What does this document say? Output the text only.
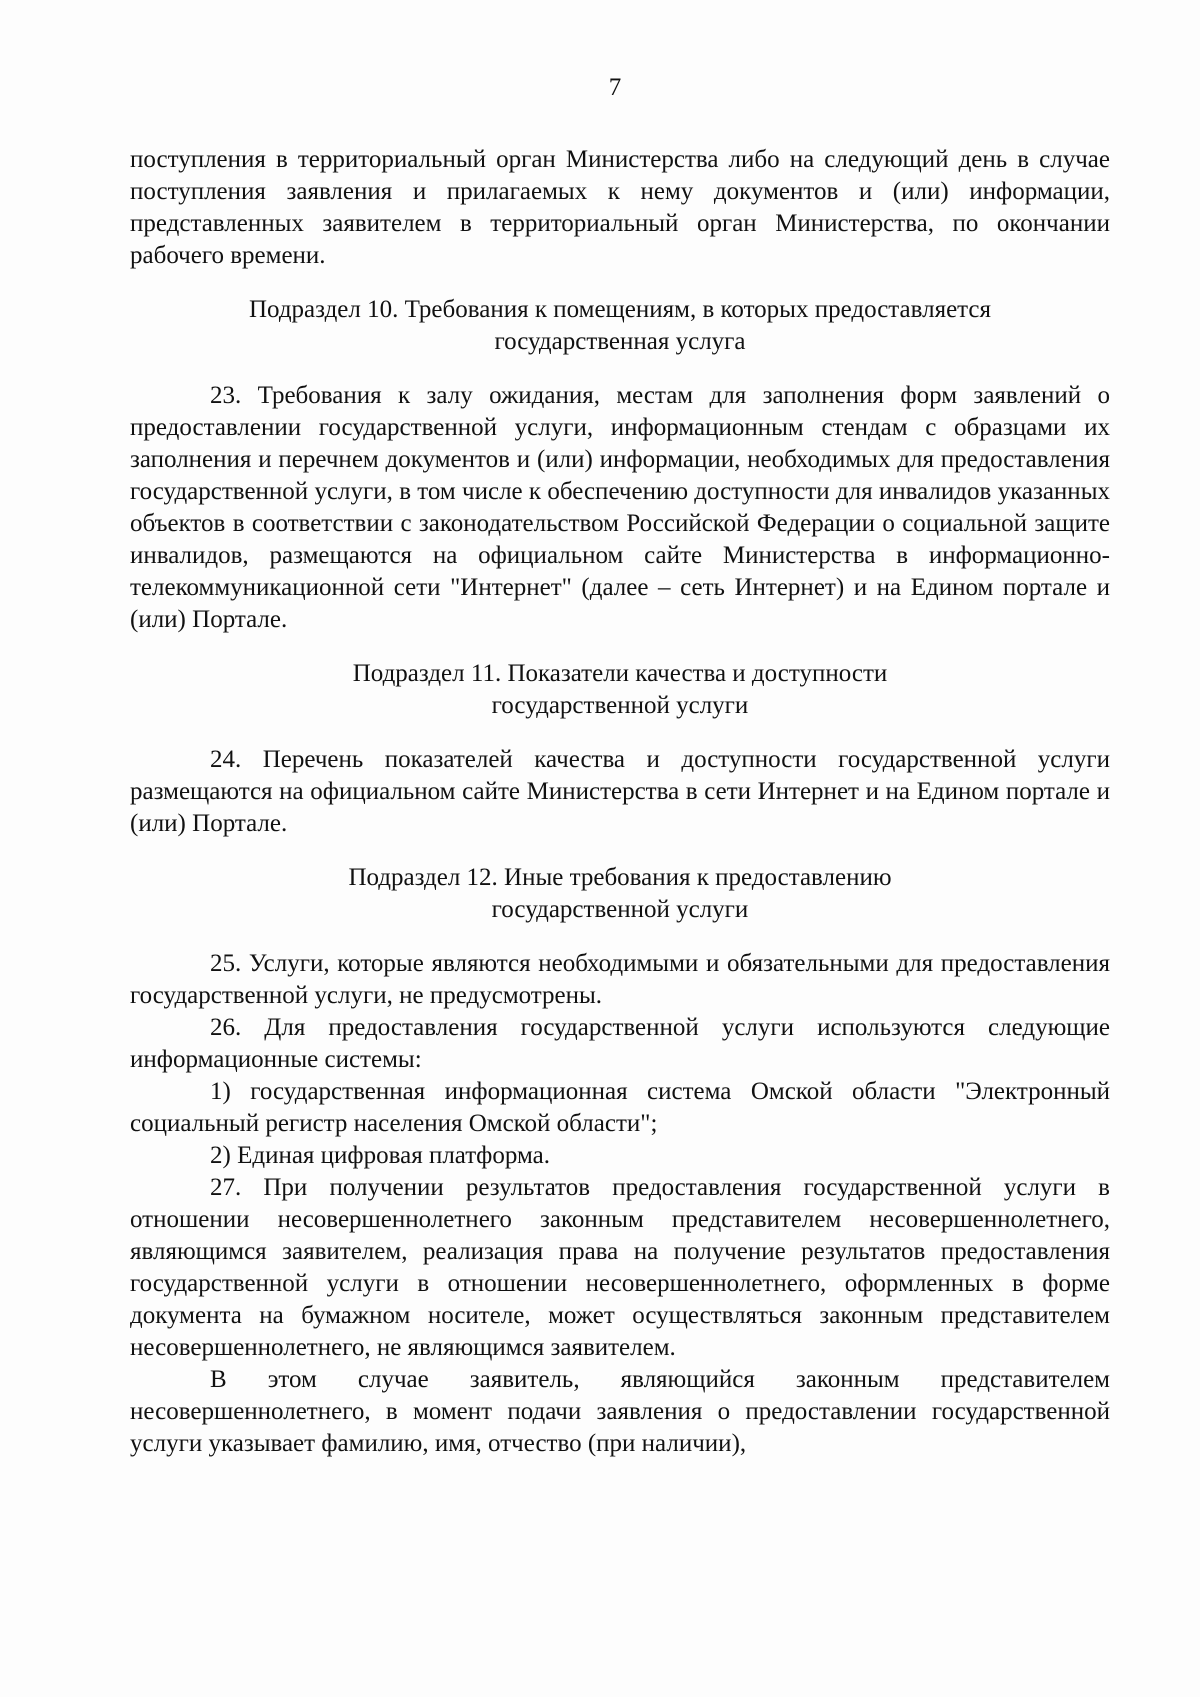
7

поступления в территориальный орган Министерства либо на следующий день в случае поступления заявления и прилагаемых к нему документов и (или) информации, представленных заявителем в территориальный орган Министерства, по окончании рабочего времени.

Подраздел 10. Требования к помещениям, в которых предоставляется
государственная услуга

23. Требования к залу ожидания, местам для заполнения форм заявлений о предоставлении государственной услуги, информационным стендам с образцами их заполнения и перечнем документов и (или) информации, необходимых для предоставления государственной услуги, в том числе к обеспечению доступности для инвалидов указанных объектов в соответствии с законодательством Российской Федерации о социальной защите инвалидов, размещаются на официальном сайте Министерства в информационно-телекоммуникационной сети "Интернет" (далее – сеть Интернет) и на Едином портале и (или) Портале.

Подраздел 11. Показатели качества и доступности
государственной услуги

24. Перечень показателей качества и доступности государственной услуги размещаются на официальном сайте Министерства в сети Интернет и на Едином портале и (или) Портале.

Подраздел 12. Иные требования к предоставлению
государственной услуги

25. Услуги, которые являются необходимыми и обязательными для предоставления государственной услуги, не предусмотрены.

26. Для предоставления государственной услуги используются следующие информационные системы:

1) государственная информационная система Омской области "Электронный социальный регистр населения Омской области";

2) Единая цифровая платформа.

27. При получении результатов предоставления государственной услуги в отношении несовершеннолетнего законным представителем несовершеннолетнего, являющимся заявителем, реализация права на получение результатов предоставления государственной услуги в отношении несовершеннолетнего, оформленных в форме документа на бумажном носителе, может осуществляться законным представителем несовершеннолетнего, не являющимся заявителем.

В этом случае заявитель, являющийся законным представителем несовершеннолетнего, в момент подачи заявления о предоставлении государственной услуги указывает фамилию, имя, отчество (при наличии),
